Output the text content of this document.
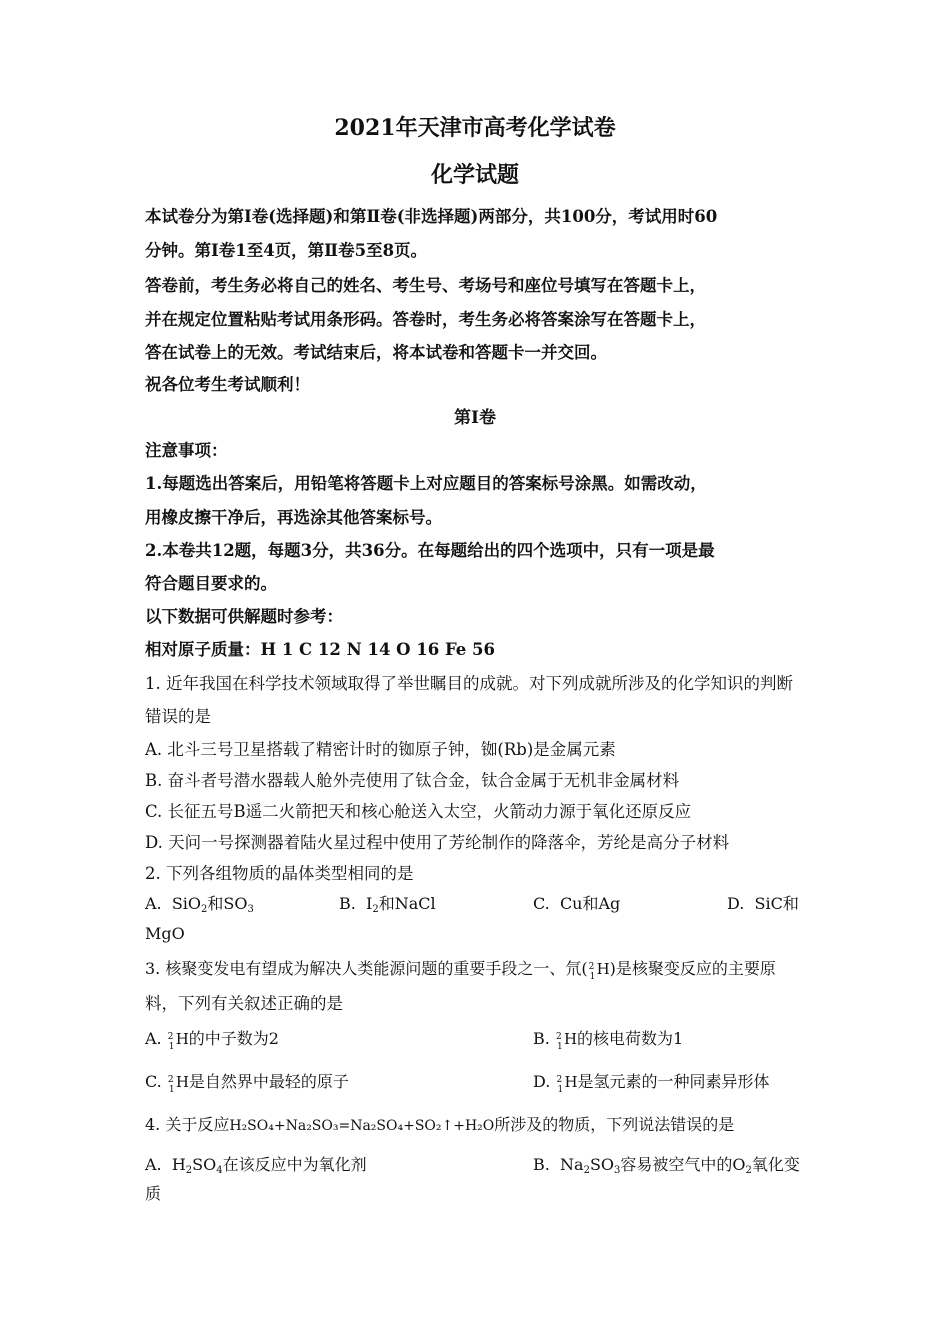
2021年天津市高考化学试卷
化学试题
本试卷分为第Ⅰ卷(选择题)和第Ⅱ卷(非选择题)两部分，共100分，考试用时60
分钟。第Ⅰ卷1至4页，第Ⅱ卷5至8页。
答卷前，考生务必将自己的姓名、考生号、考场号和座位号填写在答题卡上，
并在规定位置粘贴考试用条形码。答卷时，考生务必将答案涂写在答题卡上，
答在试卷上的无效。考试结束后，将本试卷和答题卡一并交回。
祝各位考生考试顺利！
第Ⅰ卷
注意事项：
1.每题选出答案后，用铅笔将答题卡上对应题目的答案标号涂黑。如需改动，
用橡皮擦干净后，再选涂其他答案标号。
2.本卷共12题，每题3分，共36分。在每题给出的四个选项中，只有一项是最
符合题目要求的。
以下数据可供解题时参考：
相对原子质量：H 1 C 12 N 14 O 16 Fe 56
1. 近年我国在科学技术领域取得了举世瞩目的成就。对下列成就所涉及的化学知识的判断
错误的是
A. 北斗三号卫星搭载了精密计时的铷原子钟，铷(Rb)是金属元素
B. 奋斗者号潜水器载人舱外壳使用了钛合金，钛合金属于无机非金属材料
C. 长征五号B遥二火箭把天和核心舱送入太空，火箭动力源于氧化还原反应
D. 天问一号探测器着陆火星过程中使用了芳纶制作的降落伞，芳纶是高分子材料
2. 下列各组物质的晶体类型相同的是
A. SiO$_2$和$SO_3$	B. $I_2$和NaCl	C. Cu和Ag	D. SiC和
MgO
3. 核聚变发电有望成为解决人类能源问题的重要手段之一、氘( 2
1 H )是核聚变反应的主要原
料，下列有关叙述正确的是
A. 2
1 H 的中子数为2	B. 2
1 H 的核电荷数为1
C. 2
1 H 是自然界中最轻的原子	D. 2
1 H 是氢元素的一种同素异形体
4. 关于反应H₂SO₄+Na₂SO₃=Na₂SO₄+SO₂↑+H₂O所涉及的物质，下列说法错误的是
A. $H_2SO_4$在该反应中为氧化剂	B. $Na_2SO_3$容易被空气中的$O_2$氧化变
质
